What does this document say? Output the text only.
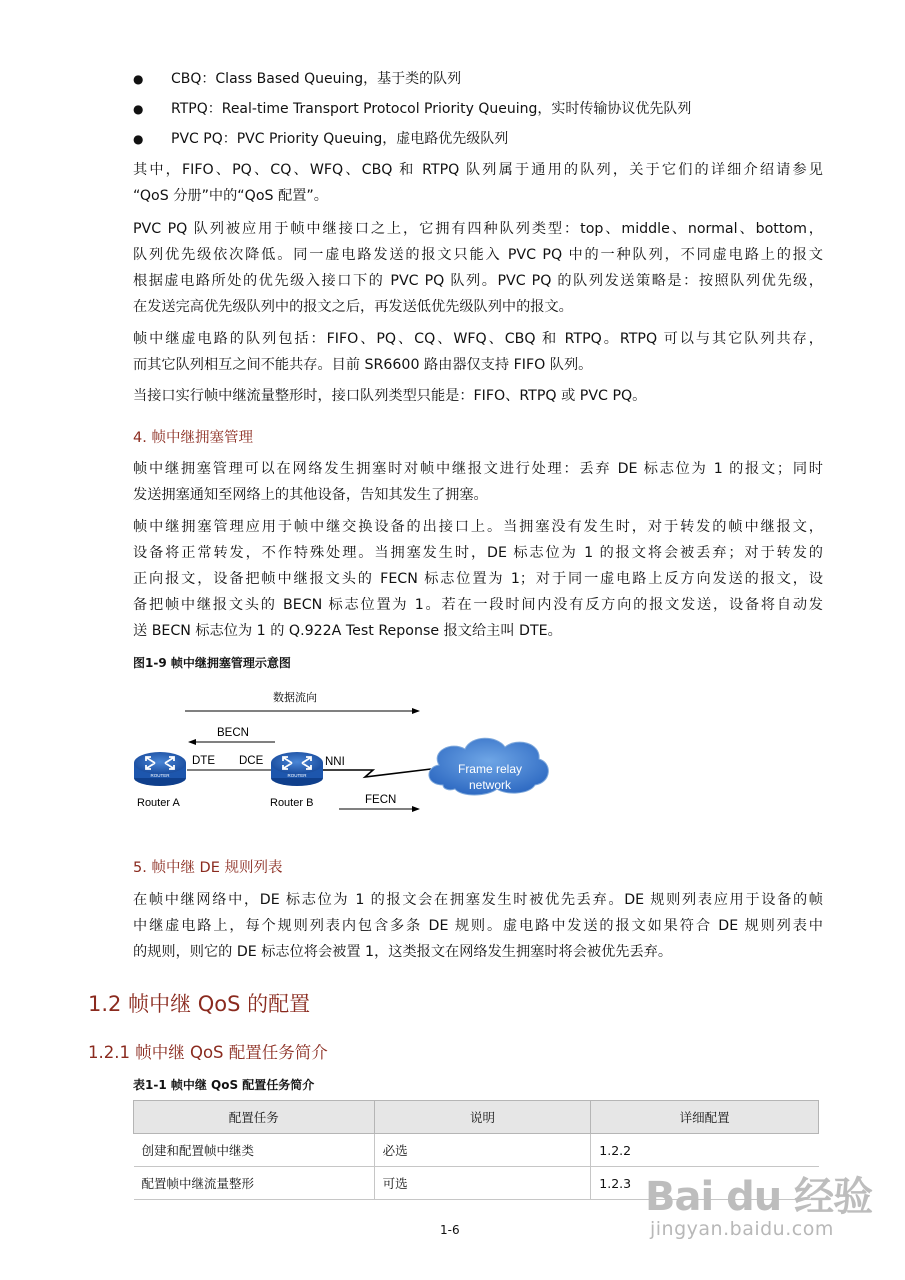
● CBQ：Class Based Queuing，基于类的队列
● RTPQ：Real-time Transport Protocol Priority Queuing，实时传输协议优先队列
● PVC PQ：PVC Priority Queuing，虚电路优先级队列
其中，FIFO、PQ、CQ、WFQ、CBQ 和 RTPQ 队列属于通用的队列，关于它们的详细介绍请参见
“QoS 分册”中的“QoS 配置”。
PVC PQ 队列被应用于帧中继接口之上，它拥有四种队列类型：top、middle、normal、bottom，
队列优先级依次降低。同一虚电路发送的报文只能入 PVC PQ 中的一种队列，不同虚电路上的报文
根据虚电路所处的优先级入接口下的 PVC PQ 队列。PVC PQ 的队列发送策略是：按照队列优先级，
在发送完高优先级队列中的报文之后，再发送低优先级队列中的报文。
帧中继虚电路的队列包括：FIFO、PQ、CQ、WFQ、CBQ 和 RTPQ。RTPQ 可以与其它队列共存，
而其它队列相互之间不能共存。目前 SR6600 路由器仅支持 FIFO 队列。
当接口实行帧中继流量整形时，接口队列类型只能是：FIFO、RTPQ 或 PVC PQ。
4. 帧中继拥塞管理
帧中继拥塞管理可以在网络发生拥塞时对帧中继报文进行处理：丢弃 DE 标志位为 1 的报文；同时
发送拥塞通知至网络上的其他设备，告知其发生了拥塞。
帧中继拥塞管理应用于帧中继交换设备的出接口上。当拥塞没有发生时，对于转发的帧中继报文，
设备将正常转发，不作特殊处理。当拥塞发生时，DE 标志位为 1 的报文将会被丢弃；对于转发的
正向报文，设备把帧中继报文头的 FECN 标志位置为 1；对于同一虚电路上反方向发送的报文，设
备把帧中继报文头的 BECN 标志位置为 1。若在一段时间内没有反方向的报文发送，设备将自动发
送 BECN 标志位为 1 的 Q.922A Test Reponse 报文给主叫 DTE。
图1-9 帧中继拥塞管理示意图
数据流向
BECN
DTE DCE
ROUTER
Router A
ROUTER
Router B
NNI	Frame relay
network
FECN
5. 帧中继 DE 规则列表
在帧中继网络中，DE 标志位为 1 的报文会在拥塞发生时被优先丢弃。DE 规则列表应用于设备的帧
中继虚电路上，每个规则列表内包含多条 DE 规则。虚电路中发送的报文如果符合 DE 规则列表中
的规则，则它的 DE 标志位将会被置 1，这类报文在网络发生拥塞时将会被优先丢弃。
1.2 帧中继 QoS 的配置
1.2.1 帧中继 QoS 配置任务简介
表1-1 帧中继 QoS 配置任务简介
配置任务	说明	详细配置
创建和配置帧中继类	必选	1.2.2
配置帧中继流量整形	可选	1.2.3 Bai du 经验
jingyan.baidu.com
1-6
